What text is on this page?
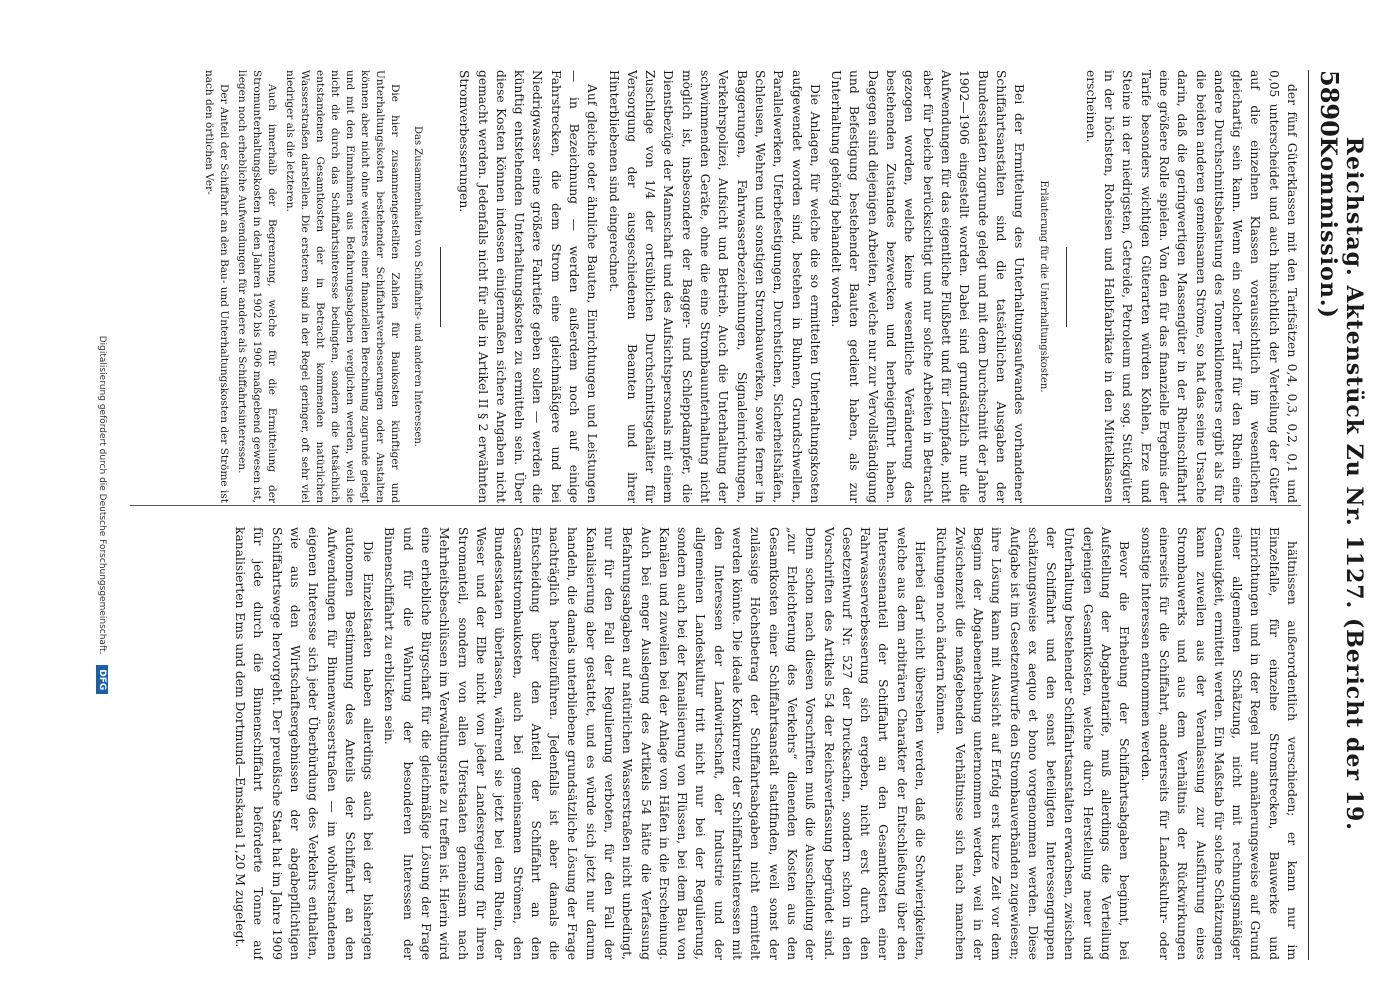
5890
Reichstag. Aktenstück Zu Nr. 1127. (Bericht der 19. Kommission.)

der fünf Güterklassen mit den Tarifsätzen 0,4, 0,3, 0,2, 0,1 und 0,05 unterscheidet und auch hinsichtlich der Verteilung der Güter auf die einzelnen Klassen voraussichtlich im wesentlichen gleichartig sein kann. Wenn ein solcher Tarif für den Rhein eine andere Durchschnittsbelastung des Tonnenkilometers ergibt als für die beiden anderen gemeinsamen Ströme, so hat das seine Ursache darin, daß die geringwertigen Massengüter in der Rheinschiffahrt eine größere Rolle spielen. Von den für das finanzielle Ergebnis der Tarife besonders wichtigen Güterarten würden Kohlen, Erze und Steine in der niedrigsten, Getreide, Petroleum und sog. Stückgüter in der höchsten, Roheisen und Halbfabrikate in den Mittelklassen erscheinen.

Erläuterung für die Unterhaltungskosten.

Bei der Ermittelung des Unterhaltungsaufwandes vorhandener Schiffahrtsanstalten sind die tatsächlichen Ausgaben der Bundesstaaten zugrunde gelegt und mit dem Durchschnitt der Jahre 1902—1906 eingestellt worden. Dabei sind grundsätzlich nur die Aufwendungen für das eigentliche Flußbett und für Leinpfade, nicht aber für Deiche berücksichtigt und nur solche Arbeiten in Betracht gezogen worden, welche keine wesentliche Veränderung des bestehenden Zustandes bezwecken und herbeigeführt haben. Dagegen sind diejenigen Arbeiten, welche nur zur Vervollständigung und Befestigung bestehender Bauten gedient haben, als zur Unterhaltung gehörig behandelt worden.

Die Anlagen, für welche die so ermittelten Unterhaltungskosten aufgewendet worden sind, bestehen in Buhnen, Grundschwellen, Parallelwerken, Uferbefestigungen, Durchstichen, Sicherheitshäfen, Schleusen, Wehren und sonstigen Strombauwerken, sowie ferner in Baggerungen, Fahrwasserbezeichnungen, Signaleinrichtungen, Verkehrspolizei, Aufsicht und Betrieb. Auch die Unterhaltung der schwimmenden Geräte, ohne die eine Strombauunterhaltung nicht möglich ist, insbesondere der Bagger- und Schleppdampfer, die Dienstbezüge der Mannschaft und des Aufsichtspersonals mit einem Zuschlage von 1/4 der ortsüblichen Durchschnittsgehälter für Versorgung der ausgeschiedenen Beamten und ihrer Hinterbliebenen sind eingerechnet.

Auf gleiche oder ähnliche Bauten, Einrichtungen und Leistungen — in Bezeichnung — werden außerdem noch auf einige Fahrstrecken, die dem Strom eine gleichmäßigere und bei Niedrigwasser eine größere Fahrtiefe geben sollen — werden die künftig entstehenden Unterhaltungskosten zu ermitteln sein. Über diese Kosten können indessen einigermaßen sichere Angaben nicht gemacht werden. Jedenfalls nicht für alle in Artikel II § 2 erwähnten Stromverbesserungen.

Das Zusammenhalten von Schiffahrts- und anderen Interessen.

Die hier zusammengestellten Zahlen für Baukosten künftiger und Unterhaltungskosten bestehender Schiffahrtsverbesserungen oder Anstalten können aber nicht ohne weiteres einer finanziellen Berechnung zugrunde gelegt und mit den Einnahmen aus Befahrungsabgaben verglichen werden, weil sie nicht die durch das Schiffahrtsinteresse bedingten, sondern die tatsächlich entstandenen Gesamtkosten der in Betracht kommenden natürlichen Wasserstraßen darstellen. Die ersteren sind in der Regel geringer, oft sehr viel niedriger als die letzteren.

Auch innerhalb der Begrenzung, welche für die Ermittelung der Stromunterhaltungskosten in den Jahren 1902 bis 1906 maßgebend gewesen ist, liegen noch erhebliche Aufwendungen für andere als Schiffahrtsinteressen.

Der Anteil der Schiffahrt an den Bau- und Unterhaltungskosten der Ströme ist nach den örtlichen Ver-

hältnissen außerordentlich verschieden; er kann nur im Einzelfalle, für einzelne Stromstrecken, Bauwerke und Einrichtungen und in der Regel nur annäherungsweise auf Grund einer allgemeinen Schätzung, nicht mit rechnungsmäßiger Genauigkeit, ermittelt werden. Ein Maßstab für solche Schätzungen kann zuweilen aus der Veranlassung zur Ausführung eines Strombauwerks und aus dem Verhältnis der Rückwirkungen einerseits für die Schiffahrt, andererseits für Landeskultur- oder sonstige Interessen entnommen werden.

Bevor die Erhebung der Schiffahrtsabgaben beginnt, bei Aufstellung der Abgabentarife, muß allerdings die Verteilung derjenigen Gesamtkosten, welche durch Herstellung neuer und Unterhaltung bestehender Schiffahrtsanstalten erwachsen, zwischen der Schiffahrt und den sonst beteiligten Interessengruppen schätzungsweise ex aequo et bono vorgenommen werden. Diese Aufgabe ist im Gesetzentwurfe den Strombauverbänden zugewiesen; ihre Lösung kann mit Aussicht auf Erfolg erst kurze Zeit vor dem Beginn der Abgabenerhebung unternommen werden, weil in der Zwischenzeit die maßgebenden Verhältnisse sich nach manchen Richtungen noch ändern können.

Hierbei darf nicht übersehen werden, daß die Schwierigkeiten, welche aus dem arbiträren Charakter der Entschließung über den Interessenanteil der Schiffahrt an den Gesamtkosten einer Fahrwasserverbesserung sich ergeben, nicht erst durch den Gesetzentwurf Nr. 527 der Drucksachen, sondern schon in den Vorschriften des Artikels 54 der Reichsverfassung begründet sind. Denn schon nach diesen Vorschriften muß die Ausscheidung der „zur Erleichterung des Verkehrs“ dienenden Kosten aus den Gesamtkosten einer Schiffahrtsanstalt stattfinden, weil sonst der zulässige Höchstbetrag der Schiffahrtsabgaben nicht ermittelt werden könnte. Die ideale Konkurrenz der Schiffahrtsinteressen mit den Interessen der Landwirtschaft, der Industrie und der allgemeinen Landeskultur tritt nicht nur bei der Regulierung, sondern auch bei der Kanalisierung von Flüssen, bei dem Bau von Kanälen und zuweilen bei der Anlage von Häfen in die Erscheinung. Auch bei enger Auslegung des Artikels 54 hätte die Verfassung Befahrungsabgaben auf natürlichen Wasserstraßen nicht unbedingt, nur für den Fall der Regulierung verboten, für den Fall der Kanalisierung aber gestattet, und es würde sich jetzt nur darum handeln, die damals unterbliebene grundsätzliche Lösung der Frage nachträglich herbeizuführen. Jedenfalls ist aber damals die Entscheidung über den Anteil der Schiffahrt an den Gesamtstrombaukosten, auch bei gemeinsamen Strömen, den Bundesstaaten überlassen, während sie jetzt bei dem Rhein, der Weser und der Elbe nicht von jeder Landesregierung für ihren Stromanteil, sondern von allen Uferstaaten gemeinsam nach Mehrheitsbeschlüssen im Verwaltungsrate zu treffen ist. Hierin wird eine erhebliche Bürgschaft für die gleichmäßige Lösung der Frage und für die Wahrung der besonderen Interessen der Binnenschiffahrt zu erblicken sein.

Die Einzelstaaten haben allerdings auch bei der bisherigen autonomen Bestimmung des Anteils der Schiffahrt an den Aufwendungen für Binnenwasserstraßen — im wohlverstandenen eigenen Interesse sich jeder Überbürdung des Verkehrs enthalten, wie aus den Wirtschaftsergebnissen der abgabepflichtigen Schiffahrtswege hervorgeht. Der preußische Staat hat im Jahre 1909 für jede durch die Binnenschiffahrt beförderte Tonne auf kanalisierten Ems und dem Dortmund—Emskanal 1,20 M zugelegt.

Digitalisierung gefördert durch die Deutsche Forschungsgemeinschaft. DFG
